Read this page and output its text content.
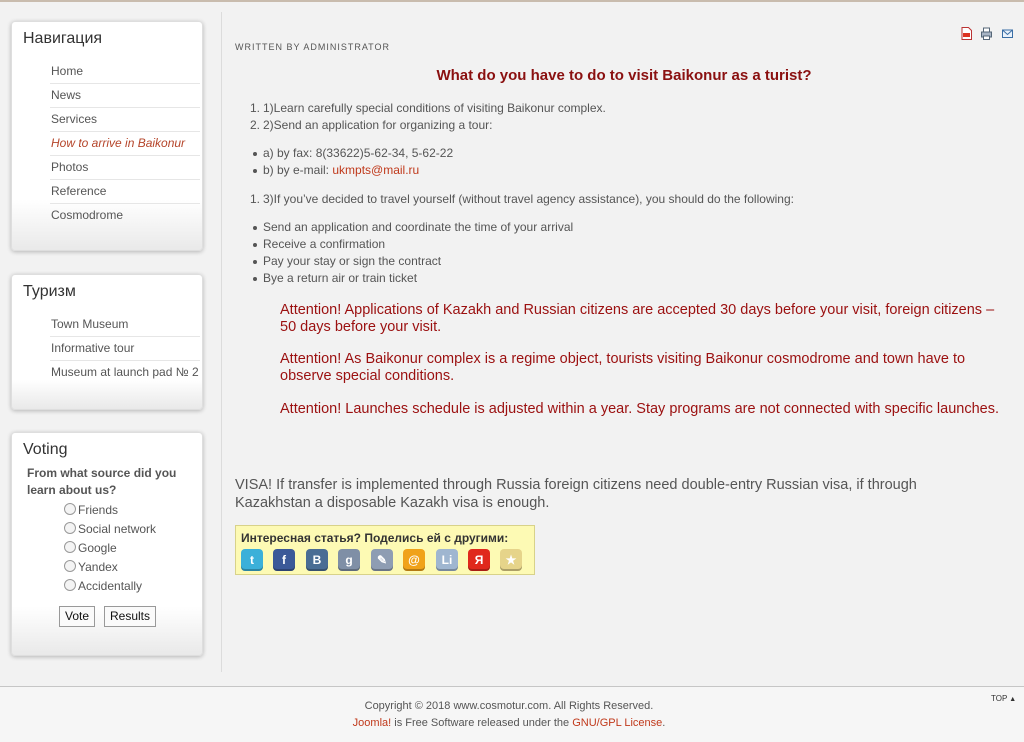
Навигация
Home
News
Services
How to arrive in Baikonur
Photos
Reference
Cosmodrome
Туризм
Town Museum
Informative tour
Museum at launch pad № 2
Voting
From what source did you learn about us?
Friends
Social network
Google
Yandex
Accidentally
Vote	Results
WRITTEN BY ADMINISTRATOR

What do you have to do to visit Baikonur as a turist?
1. 1)Learn carefully special conditions of visiting Baikonur complex.
2. 2)Send an application for organizing a tour:
a) by fax: 8(33622)5-62-34, 5-62-22
b) by e-mail: ukmpts@mail.ru
1. 3)If you’ve decided to travel yourself (without travel agency assistance), you should do the following:
Send an application and coordinate the time of your arrival
Receive a confirmation
Pay your stay or sign the contract
Bye a return air or train ticket
Attention! Applications of Kazakh and Russian citizens are accepted 30 days before your visit, foreign citizens – 50 days before your visit.
Attention! As Baikonur complex is a regime object, tourists visiting Baikonur cosmodrome and town have to observe special conditions.
Attention! Launches schedule is adjusted within a year. Stay programs are not connected with specific launches.
VISA! If transfer is implemented through Russia foreign citizens need double-entry Russian visa, if through Kazakhstan a disposable Kazakh visa is enough.
Интересная статья? Поделись ей с другими:
t	f	B	g	✎	@	Li	Я	★
TOP ▲
Copyright © 2018 www.cosmotur.com. All Rights Reserved.
Joomla! is Free Software released under the GNU/GPL License.
